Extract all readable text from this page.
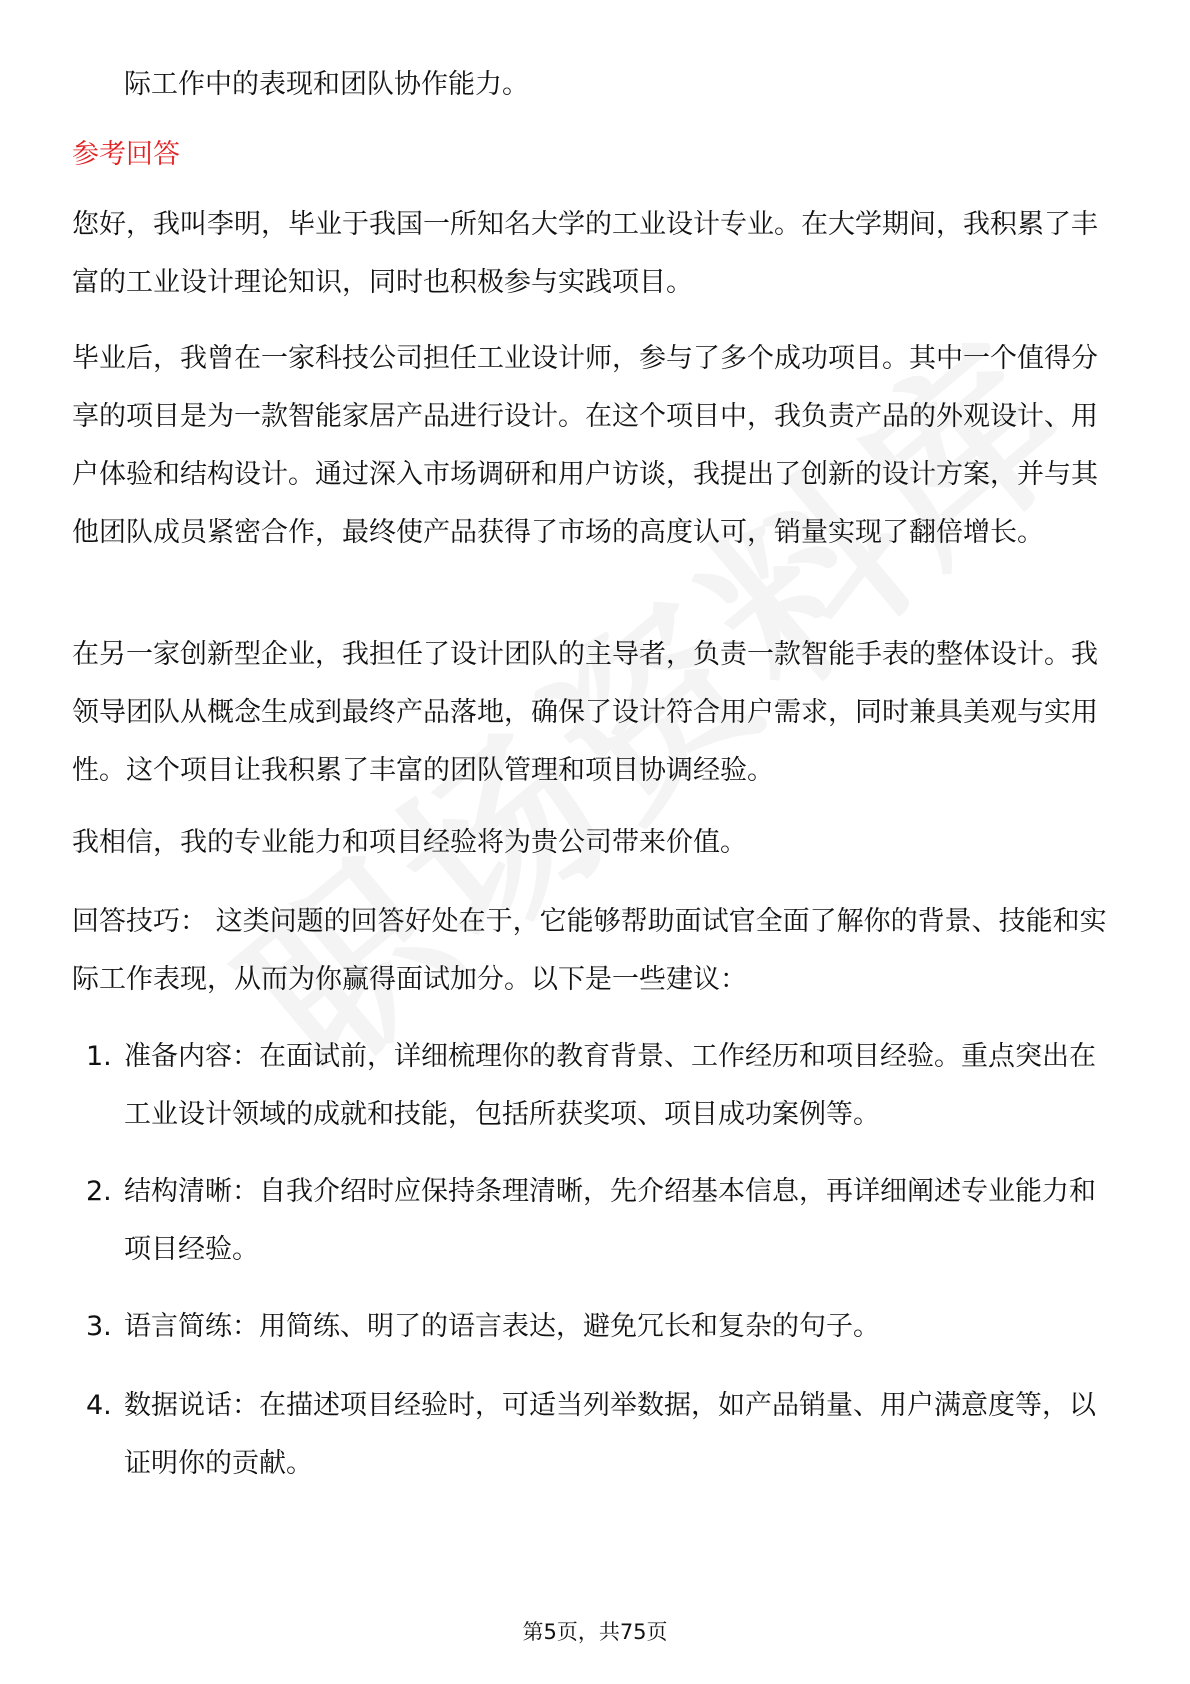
际工作中的表现和团队协作能力。

参考回答

您好，我叫李明，毕业于我国一所知名大学的工业设计专业。在大学期间，我积累了丰富的工业设计理论知识，同时也积极参与实践项目。

毕业后，我曾在一家科技公司担任工业设计师，参与了多个成功项目。其中一个值得分享的项目是为一款智能家居产品进行设计。在这个项目中，我负责产品的外观设计、用户体验和结构设计。通过深入市场调研和用户访谈，我提出了创新的设计方案，并与其他团队成员紧密合作，最终使产品获得了市场的高度认可，销量实现了翻倍增长。

在另一家创新型企业，我担任了设计团队的主导者，负责一款智能手表的整体设计。我领导团队从概念生成到最终产品落地，确保了设计符合用户需求，同时兼具美观与实用性。这个项目让我积累了丰富的团队管理和项目协调经验。

我相信，我的专业能力和项目经验将为贵公司带来价值。

回答技巧： 这类问题的回答好处在于，它能够帮助面试官全面了解你的背景、技能和实际工作表现，从而为你赢得面试加分。以下是一些建议：

1. 准备内容：在面试前，详细梳理你的教育背景、工作经历和项目经验。重点突出在工业设计领域的成就和技能，包括所获奖项、项目成功案例等。
2. 结构清晰：自我介绍时应保持条理清晰，先介绍基本信息，再详细阐述专业能力和项目经验。
3. 语言简练：用简练、明了的语言表达，避免冗长和复杂的句子。
4. 数据说话：在描述项目经验时，可适当列举数据，如产品销量、用户满意度等，以证明你的贡献。
第5页，共75页
